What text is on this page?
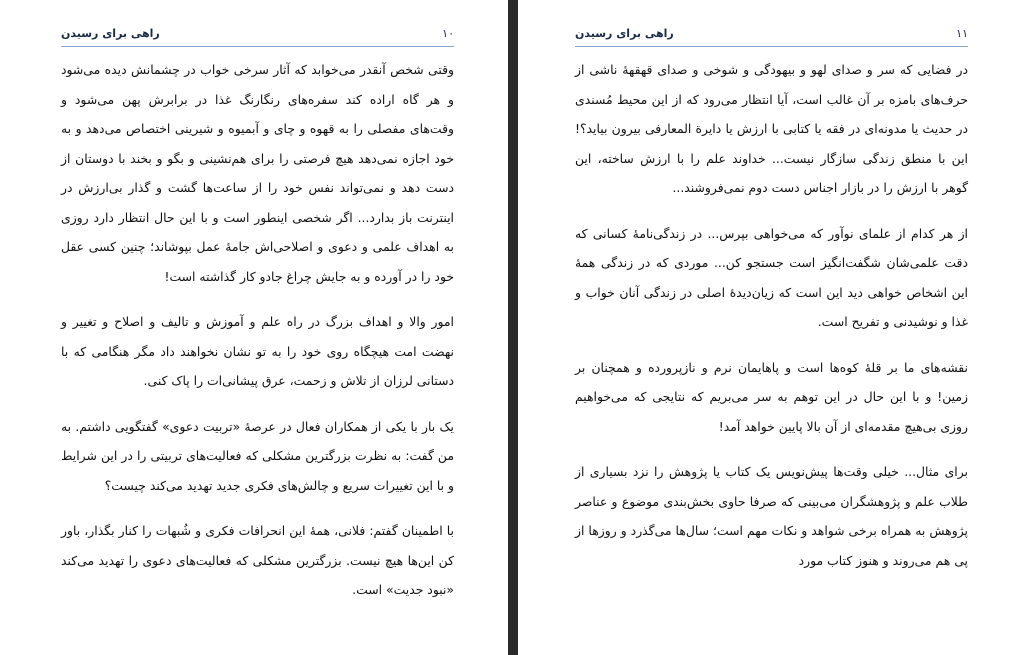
راهی برای رسیدن	۱۰

وقتی شخص آنقدر می‌خوابد که آثار سرخی خواب در چشمانش دیده می‌شود و هر گاه اراده کند سفره‌های رنگارنگ غذا در برابرش پهن می‌شود و وقت‌های مفصلی را به قهوه و چای و آبمیوه و شیرینی اختصاص می‌دهد و به خود اجازه نمی‌دهد هیچ فرصتی را برای هم‌نشینی و بگو و بخند با دوستان از دست دهد و نمی‌تواند نفس خود را از ساعت‌ها گشت و گذار بی‌ارزش در اینترنت باز بدارد... اگر شخصی اینطور است و با این حال انتظار دارد روزی به اهداف علمی و دعوی و اصلاحی‌اش جامهٔ عمل بپوشاند؛ چنین کسی عقل خود را در آورده و به جایش چراغ جادو کار گذاشته است!

امور والا و اهداف بزرگ در راه علم و آموزش و تالیف و اصلاح و تغییر و نهضت امت هیچگاه روی خود را به تو نشان نخواهند داد مگر هنگامی که با دستانی لرزان از تلاش و زحمت، عرق پیشانی‌ات را پاک کنی.

یک بار با یکی از همکاران فعال در عرصهٔ «تربیت دعوی» گفتگویی داشتم. به من گفت: به نظرت بزرگترین مشکلی که فعالیت‌های تربیتی را در این شرایط و با این تغییرات سریع و چالش‌های فکری جدید تهدید می‌کند چیست؟

با اطمینان گفتم: فلانی، همهٔ این انحرافات فکری و شُبهات را کنار بگذار، باور کن این‌ها هیچ نیست. بزرگترین مشکلی که فعالیت‌های دعوی را تهدید می‌کند «نبود جدیت» است.

راهی برای رسیدن	۱۱

در فضایی که سر و صدای لهو و بیهودگی و شوخی و صدای قهقههٔ ناشی از حرف‌های بامزه بر آن غالب است، آیا انتظار می‌رود که از این محیط مُسندی در حدیث یا مدونه‌ای در فقه یا کتابی با ارزش یا دایرة المعارفی بیرون بیاید؟! این با منطق زندگی سازگار نیست... خداوند علم را با ارزش ساخته، این گوهر با ارزش را در بازار اجناس دست دوم نمی‌فروشند...

از هر کدام از علمای نوآور که می‌خواهی بپرس... در زندگی‌نامهٔ کسانی که دقت علمی‌شان شگفت‌انگیز است جستجو کن... موردی که در زندگی همهٔ این اشخاص خواهی دید این است که زیان‌دیدهٔ اصلی در زندگی آنان خواب و غذا و نوشیدنی و تفریح است.

نقشه‌های ما بر قلهٔ کوه‌ها است و پاهایمان نرم و نازپرورده و همچنان بر زمین! و با این حال در این توهم به سر می‌بریم که نتایجی که می‌خواهیم روزی بی‌هیچ مقدمه‌ای از آن بالا پایین خواهد آمد!

برای مثال... خیلی وقت‌ها پیش‌نویس یک کتاب یا پژوهش را نزد بسیاری از طلاب علم و پژوهشگران می‌بینی که صرفا حاوی بخش‌بندی موضوع و عناصر پژوهش به همراه برخی شواهد و نکات مهم است؛ سال‌ها می‌گذرد و روزها از پی هم می‌روند و هنوز کتاب مورد
